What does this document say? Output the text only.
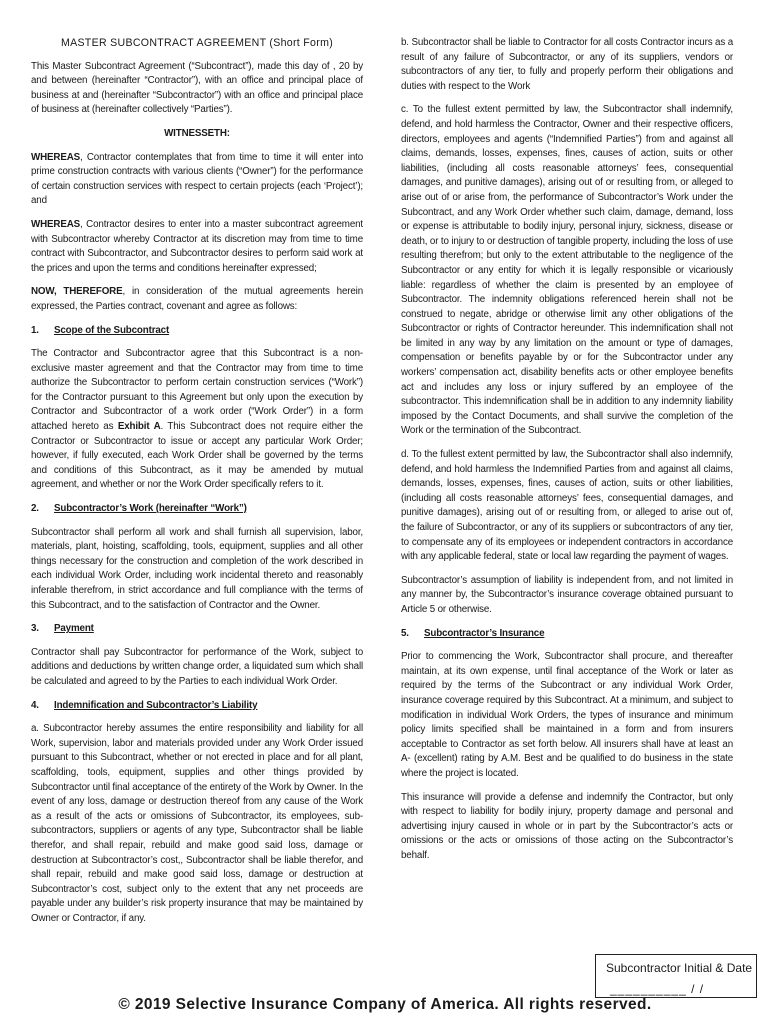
MASTER SUBCONTRACT AGREEMENT (Short Form)

This Master Subcontract Agreement (“Subcontract”), made this day of , 20 by and between (hereinafter “Contractor”), with an office and principal place of business at and (hereinafter “Subcontractor”) with an office and principal place of business at (hereinafter collectively “Parties”).

WITNESSETH:

WHEREAS, Contractor contemplates that from time to time it will enter into prime construction contracts with various clients (“Owner”) for the performance of certain construction services with respect to certain projects (each ‘Project’); and

WHEREAS, Contractor desires to enter into a master subcontract agreement with Subcontractor whereby Contractor at its discretion may from time to time contract with Subcontractor, and Subcontractor desires to perform said work at the prices and upon the terms and conditions hereinafter expressed;

NOW, THEREFORE, in consideration of the mutual agreements herein expressed, the Parties contract, covenant and agree as follows:

1. Scope of the Subcontract

The Contractor and Subcontractor agree that this Subcontract is a non-exclusive master agreement and that the Contractor may from time to time authorize the Subcontractor to perform certain construction services (“Work”) for the Contractor pursuant to this Agreement but only upon the execution by Contractor and Subcontractor of a work order (“Work Order”) in a form attached hereto as Exhibit A. This Subcontract does not require either the Contractor or Subcontractor to issue or accept any particular Work Order; however, if fully executed, each Work Order shall be governed by the terms and conditions of this Subcontract, as it may be amended by mutual agreement, and whether or nor the Work Order specifically refers to it.

2. Subcontractor’s Work (hereinafter “Work”)

Subcontractor shall perform all work and shall furnish all supervision, labor, materials, plant, hoisting, scaffolding, tools, equipment, supplies and all other things necessary for the construction and completion of the work described in each individual Work Order, including work incidental thereto and reasonably inferable therefrom, in strict accordance and full compliance with the terms of this Subcontract, and to the satisfaction of Contractor and the Owner.

3. Payment

Contractor shall pay Subcontractor for performance of the Work, subject to additions and deductions by written change order, a liquidated sum which shall be calculated and agreed to by the Parties to each individual Work Order.

4. Indemnification and Subcontractor’s Liability

a. Subcontractor hereby assumes the entire responsibility and liability for all Work, supervision, labor and materials provided under any Work Order issued pursuant to this Subcontract, whether or not erected in place and for all plant, scaffolding, tools, equipment, supplies and other things provided by Subcontractor until final acceptance of the entirety of the Work by Owner. In the event of any loss, damage or destruction thereof from any cause of the Work as a result of the acts or omissions of Subcontractor, its employees, sub-subcontractors, suppliers or agents of any type, Subcontractor shall be liable therefor, and shall repair, rebuild and make good said loss, damage or destruction at Subcontractor’s cost,, Subcontractor shall be liable therefor, and shall repair, rebuild and make good said loss, damage or destruction at Subcontractor’s cost, subject only to the extent that any net proceeds are payable under any builder’s risk property insurance that may be maintained by Owner or Contractor, if any.

b. Subcontractor shall be liable to Contractor for all costs Contractor incurs as a result of any failure of Subcontractor, or any of its suppliers, vendors or subcontractors of any tier, to fully and properly perform their obligations and duties with respect to the Work

c. To the fullest extent permitted by law, the Subcontractor shall indemnify, defend, and hold harmless the Contractor, Owner and their respective officers, directors, employees and agents (“Indemnified Parties”) from and against all claims, demands, losses, expenses, fines, causes of action, suits or other liabilities, (including all costs reasonable attorneys’ fees, consequential damages, and punitive damages), arising out of or resulting from, or alleged to arise out of or arise from, the performance of Subcontractor’s Work under the Subcontract, and any Work Order whether such claim, damage, demand, loss or expense is attributable to bodily injury, personal injury, sickness, disease or death, or to injury to or destruction of tangible property, including the loss of use resulting therefrom; but only to the extent attributable to the negligence of the Subcontractor or any entity for which it is legally responsible or vicariously liable: regardless of whether the claim is presented by an employee of Subcontractor. The indemnity obligations referenced herein shall not be construed to negate, abridge or otherwise limit any other obligations of the Subcontractor or rights of Contractor hereunder. This indemnification shall not be limited in any way by any limitation on the amount or type of damages, compensation or benefits payable by or for the Subcontractor under any workers’ compensation act, disability benefits acts or other employee benefits act and includes any loss or injury suffered by an employee of the subcontractor. This indemnification shall be in addition to any indemnity liability imposed by the Contact Documents, and shall survive the completion of the Work or the termination of the Subcontract.

d. To the fullest extent permitted by law, the Subcontractor shall also indemnify, defend, and hold harmless the Indemnified Parties from and against all claims, demands, losses, expenses, fines, causes of action, suits or other liabilities, (including all costs reasonable attorneys’ fees, consequential damages, and punitive damages), arising out of or resulting from, or alleged to arise out of, the failure of Subcontractor, or any of its suppliers or subcontractors of any tier, to compensate any of its employees or independent contractors in accordance with any applicable federal, state or local law regarding the payment of wages.

Subcontractor’s assumption of liability is independent from, and not limited in any manner by, the Subcontractor’s insurance coverage obtained pursuant to Article 5 or otherwise.

5. Subcontractor’s Insurance

Prior to commencing the Work, Subcontractor shall procure, and thereafter maintain, at its own expense, until final acceptance of the Work or later as required by the terms of the Subcontract or any individual Work Order, insurance coverage required by this Subcontract. At a minimum, and subject to modification in individual Work Orders, the types of insurance and minimum policy limits specified shall be maintained in a form and from insurers acceptable to Contractor as set forth below. All insurers shall have at least an A- (excellent) rating by A.M. Best and be qualified to do business in the state where the project is located.

This insurance will provide a defense and indemnify the Contractor, but only with respect to liability for bodily injury, property damage and personal and advertising injury caused in whole or in part by the Subcontractor’s acts or omissions or the acts or omissions of those acting on the Subcontractor’s behalf.

Subcontractor Initial & Date
__________ / /
© 2019 Selective Insurance Company of America. All rights reserved.
